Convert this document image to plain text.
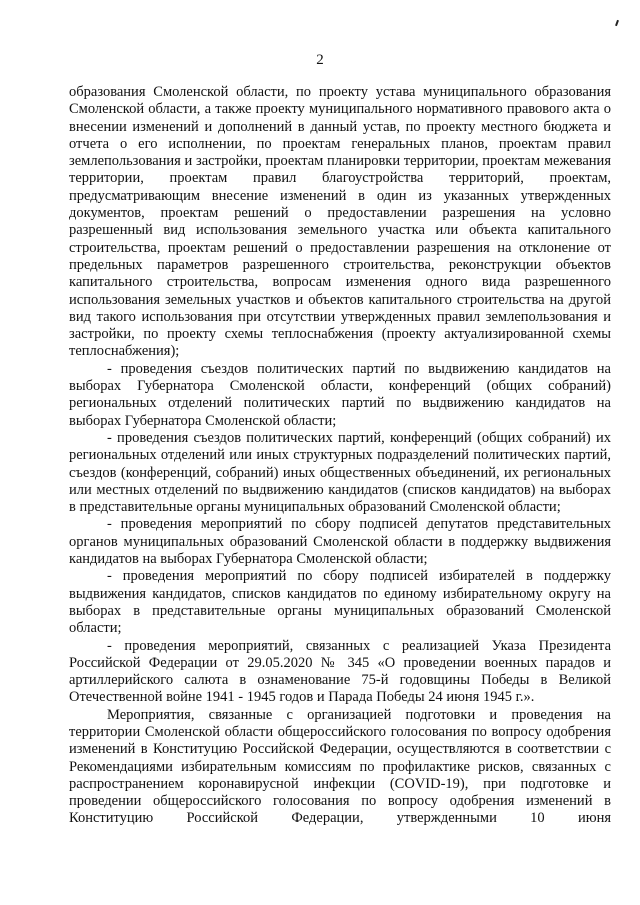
2

образования Смоленской области, по проекту устава муниципального образования Смоленской области, а также проекту муниципального нормативного правового акта о внесении изменений и дополнений в данный устав, по проекту местного бюджета и отчета о его исполнении, по проектам генеральных планов, проектам правил землепользования и застройки, проектам планировки территории, проектам межевания территории, проектам правил благоустройства территорий, проектам, предусматривающим внесение изменений в один из указанных утвержденных документов, проектам решений о предоставлении разрешения на условно разрешенный вид использования земельного участка или объекта капитального строительства, проектам решений о предоставлении разрешения на отклонение от предельных параметров разрешенного строительства, реконструкции объектов капитального строительства, вопросам изменения одного вида разрешенного использования земельных участков и объектов капитального строительства на другой вид такого использования при отсутствии утвержденных правил землепользования и застройки, по проекту схемы теплоснабжения (проекту актуализированной схемы теплоснабжения);

- проведения съездов политических партий по выдвижению кандидатов на выборах Губернатора Смоленской области, конференций (общих собраний) региональных отделений политических партий по выдвижению кандидатов на выборах Губернатора Смоленской области;

- проведения съездов политических партий, конференций (общих собраний) их региональных отделений или иных структурных подразделений политических партий, съездов (конференций, собраний) иных общественных объединений, их региональных или местных отделений по выдвижению кандидатов (списков кандидатов) на выборах в представительные органы муниципальных образований Смоленской области;

- проведения мероприятий по сбору подписей депутатов представительных органов муниципальных образований Смоленской области в поддержку выдвижения кандидатов на выборах Губернатора Смоленской области;

- проведения мероприятий по сбору подписей избирателей в поддержку выдвижения кандидатов, списков кандидатов по единому избирательному округу на выборах в представительные органы муниципальных образований Смоленской области;

- проведения мероприятий, связанных с реализацией Указа Президента Российской Федерации от 29.05.2020 № 345 «О проведении военных парадов и артиллерийского салюта в ознаменование 75-й годовщины Победы в Великой Отечественной войне 1941 - 1945 годов и Парада Победы 24 июня 1945 г.».

Мероприятия, связанные с организацией подготовки и проведения на территории Смоленской области общероссийского голосования по вопросу одобрения изменений в Конституцию Российской Федерации, осуществляются в соответствии с Рекомендациями избирательным комиссиям по профилактике рисков, связанных с распространением коронавирусной инфекции (COVID-19), при подготовке и проведении общероссийского голосования по вопросу одобрения изменений в Конституцию Российской Федерации, утвержденными 10 июня
